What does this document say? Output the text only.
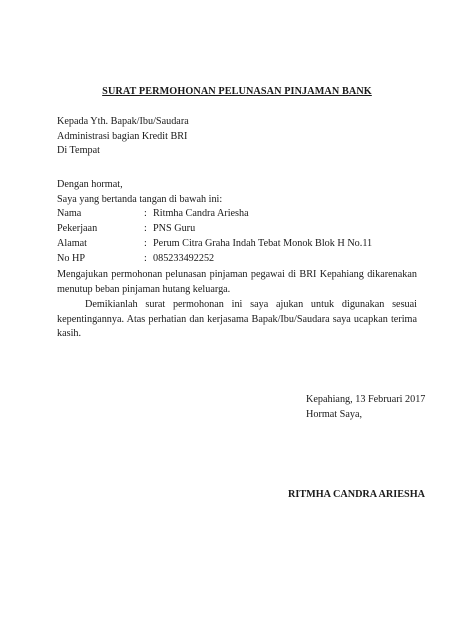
SURAT PERMOHONAN PELUNASAN PINJAMAN BANK
Kepada Yth. Bapak/Ibu/Saudara
Administrasi bagian Kredit BRI
Di Tempat
Dengan hormat,
Saya yang bertanda tangan di bawah ini:
Nama	: Ritmha Candra Ariesha
Pekerjaan	: PNS Guru
Alamat	: Perum Citra Graha Indah Tebat Monok Blok H No.11
No HP	: 085233492252
Mengajukan permohonan pelunasan pinjaman pegawai di BRI Kepahiang dikarenakan menutup beban pinjaman hutang keluarga.
Demikianlah surat permohonan ini saya ajukan untuk digunakan sesuai kepentingannya. Atas perhatian dan kerjasama Bapak/Ibu/Saudara saya ucapkan terima kasih.
Kepahiang, 13 Februari 2017
Hormat Saya,
RITMHA CANDRA ARIESHA
